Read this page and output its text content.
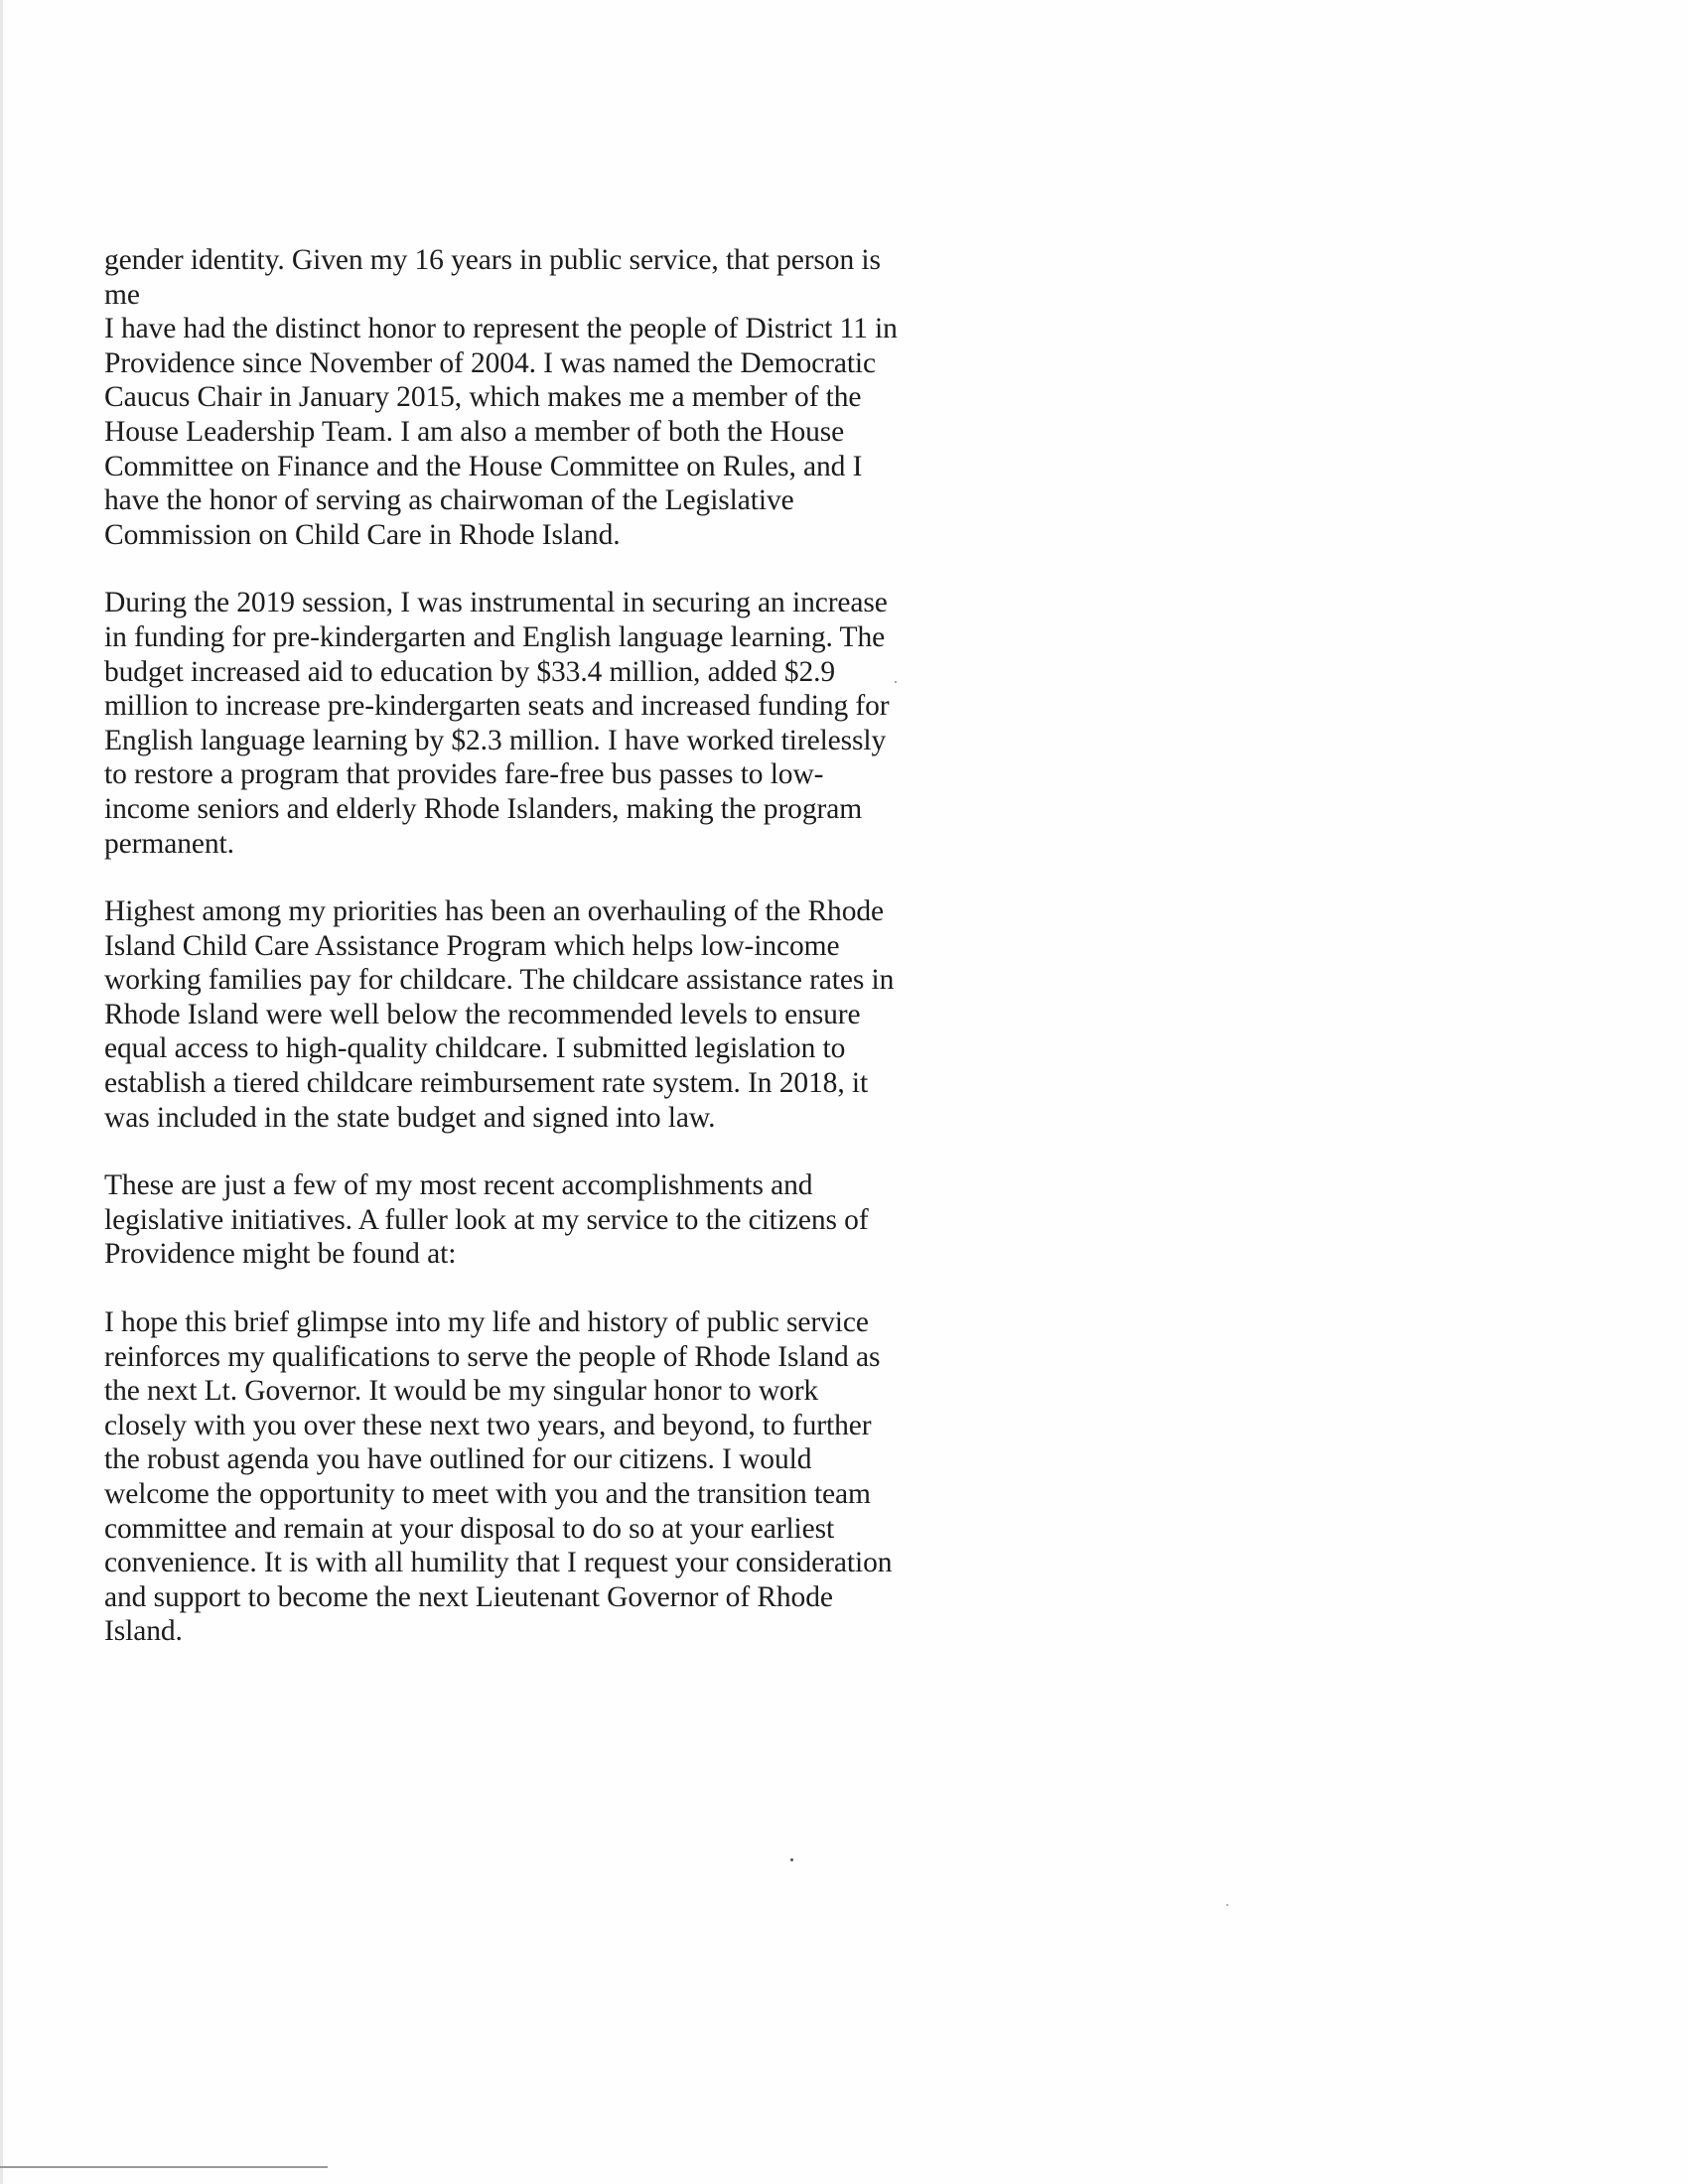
gender identity. Given my 16 years in public service, that person is
me
I have had the distinct honor to represent the people of District 11 in
Providence since November of 2004. I was named the Democratic
Caucus Chair in January 2015, which makes me a member of the
House Leadership Team. I am also a member of both the House
Committee on Finance and the House Committee on Rules, and I
have the honor of serving as chairwoman of the Legislative
Commission on Child Care in Rhode Island.

During the 2019 session, I was instrumental in securing an increase
in funding for pre-kindergarten and English language learning. The
budget increased aid to education by $33.4 million, added $2.9
million to increase pre-kindergarten seats and increased funding for
English language learning by $2.3 million. I have worked tirelessly
to restore a program that provides fare-free bus passes to low-
income seniors and elderly Rhode Islanders, making the program
permanent.

Highest among my priorities has been an overhauling of the Rhode
Island Child Care Assistance Program which helps low-income
working families pay for childcare. The childcare assistance rates in
Rhode Island were well below the recommended levels to ensure
equal access to high-quality childcare. I submitted legislation to
establish a tiered childcare reimbursement rate system. In 2018, it
was included in the state budget and signed into law.

These are just a few of my most recent accomplishments and
legislative initiatives. A fuller look at my service to the citizens of
Providence might be found at:

I hope this brief glimpse into my life and history of public service
reinforces my qualifications to serve the people of Rhode Island as
the next Lt. Governor. It would be my singular honor to work
closely with you over these next two years, and beyond, to further
the robust agenda you have outlined for our citizens. I would
welcome the opportunity to meet with you and the transition team
committee and remain at your disposal to do so at your earliest
convenience. It is with all humility that I request your consideration
and support to become the next Lieutenant Governor of Rhode
Island.
